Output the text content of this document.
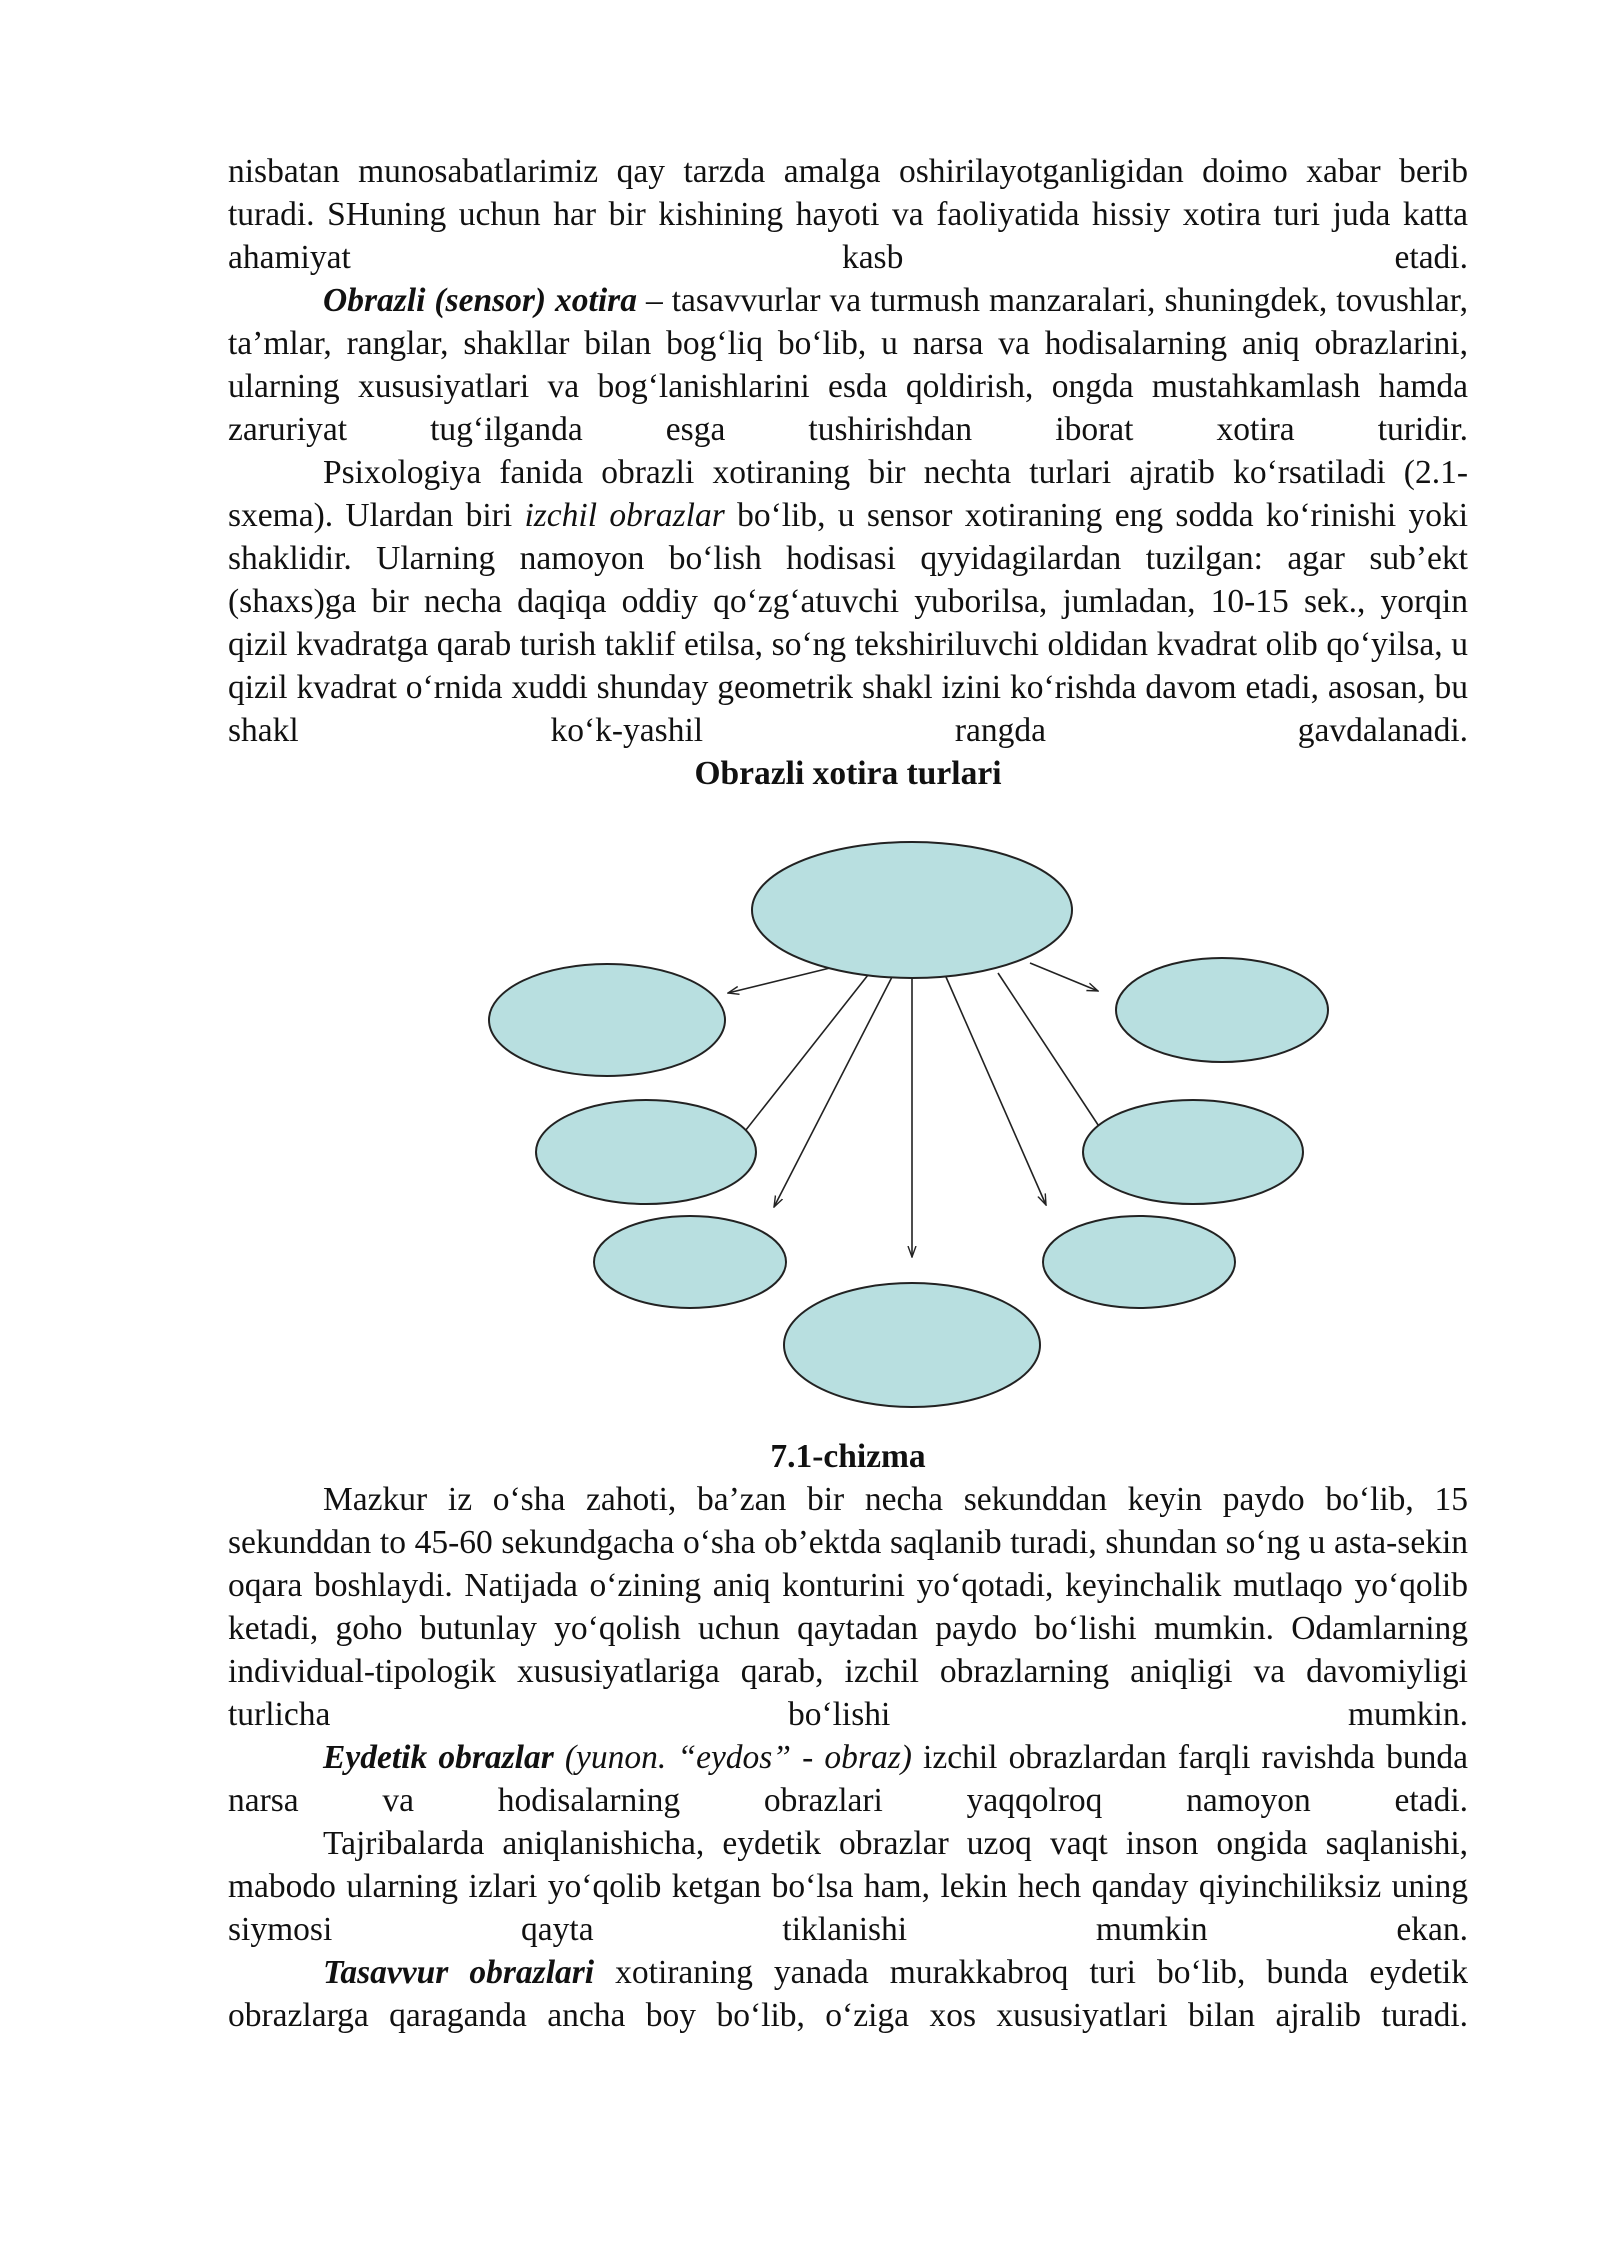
nisbatan munosabatlarimiz qay tarzda amalga oshirilayotganligidan doimo xabar berib turadi. SHuning uchun har bir kishining hayoti va faoliyatida hissiy xotira turi juda katta ahamiyat kasb etadi.

Obrazli (sensor) xotira – tasavvurlar va turmush manzaralari, shuningdek, tovushlar, ta’mlar, ranglar, shakllar bilan bog‘liq bo‘lib, u narsa va hodisalarning aniq obrazlarini, ularning xususiyatlari va bog‘lanishlarini esda qoldirish, ongda mustahkamlash hamda zaruriyat tug‘ilganda esga tushirishdan iborat xotira turidir.

Psixologiya fanida obrazli xotiraning bir nechta turlari ajratib ko‘rsatiladi (2.1-sxema). Ulardan biri izchil obrazlar bo‘lib, u sensor xotiraning eng sodda ko‘rinishi yoki shaklidir. Ularning namoyon bo‘lish hodisasi qyyidagilardan tuzilgan: agar sub’ekt (shaxs)ga bir necha daqiqa oddiy qo‘zg‘atuvchi yuborilsa, jumladan, 10-15 sek., yorqin qizil kvadratga qarab turish taklif etilsa, so‘ng tekshiriluvchi oldidan kvadrat olib qo‘yilsa, u qizil kvadrat o‘rnida xuddi shunday geometrik shakl izini ko‘rishda davom etadi, asosan, bu shakl ko‘k-yashil rangda gavdalanadi.

Obrazli xotira turlari
7.1-chizma

Mazkur iz o‘sha zahoti, ba’zan bir necha sekunddan keyin paydo bo‘lib, 15 sekunddan to 45-60 sekundgacha o‘sha ob’ektda saqlanib turadi, shundan so‘ng u asta-sekin oqara boshlaydi. Natijada o‘zining aniq konturini yo‘qotadi, keyinchalik mutlaqo yo‘qolib ketadi, goho butunlay yo‘qolish uchun qaytadan paydo bo‘lishi mumkin. Odamlarning individual-tipologik xususiyatlariga qarab, izchil obrazlarning aniqligi va davomiyligi turlicha bo‘lishi mumkin.

Eydetik obrazlar (yunon. “eydos” - obraz) izchil obrazlardan farqli ravishda bunda narsa va hodisalarning obrazlari yaqqolroq namoyon etadi.

Tajribalarda aniqlanishicha, eydetik obrazlar uzoq vaqt inson ongida saqlanishi, mabodo ularning izlari yo‘qolib ketgan bo‘lsa ham, lekin hech qanday qiyinchiliksiz uning siymosi qayta tiklanishi mumkin ekan.

Tasavvur obrazlari xotiraning yanada murakkabroq turi bo‘lib, bunda eydetik obrazlarga qaraganda ancha boy bo‘lib, o‘ziga xos xususiyatlari bilan ajralib turadi.
